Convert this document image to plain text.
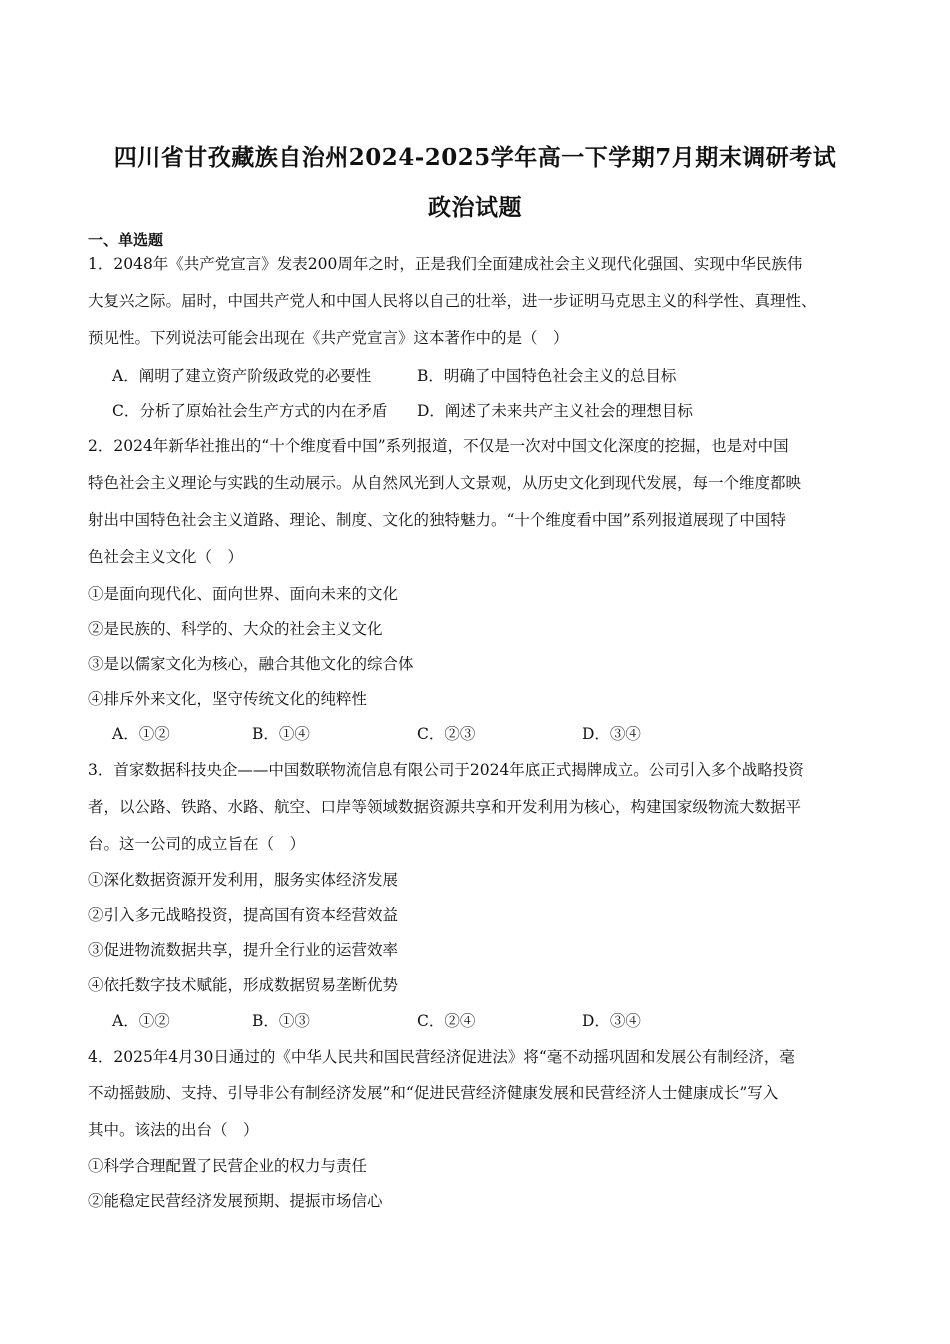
四川省甘孜藏族自治州2024-2025学年高一下学期7月期末调研考试
政治试题
一、单选题
1．2048年《共产党宣言》发表200周年之时，正是我们全面建成社会主义现代化强国、实现中华民族伟
大复兴之际。届时，中国共产党人和中国人民将以自己的壮举，进一步证明马克思主义的科学性、真理性、
预见性。下列说法可能会出现在《共产党宣言》这本著作中的是（　）
A．阐明了建立资产阶级政党的必要性	B．明确了中国特色社会主义的总目标
C．分析了原始社会生产方式的内在矛盾 D．阐述了未来共产主义社会的理想目标
2．2024年新华社推出的“十个维度看中国”系列报道，不仅是一次对中国文化深度的挖掘，也是对中国
特色社会主义理论与实践的生动展示。从自然风光到人文景观，从历史文化到现代发展，每一个维度都映
射出中国特色社会主义道路、理论、制度、文化的独特魅力。“十个维度看中国”系列报道展现了中国特
色社会主义文化（　）
①是面向现代化、面向世界、面向未来的文化
②是民族的、科学的、大众的社会主义文化
③是以儒家文化为核心，融合其他文化的综合体
④排斥外来文化，坚守传统文化的纯粹性
A．①②	B．①④	C．②③	D．③④
3．首家数据科技央企——中国数联物流信息有限公司于2024年底正式揭牌成立。公司引入多个战略投资
者，以公路、铁路、水路、航空、口岸等领域数据资源共享和开发利用为核心，构建国家级物流大数据平
台。这一公司的成立旨在（　）
①深化数据资源开发利用，服务实体经济发展
②引入多元战略投资，提高国有资本经营效益
③促进物流数据共享，提升全行业的运营效率
④依托数字技术赋能，形成数据贸易垄断优势
A．①②	B．①③	C．②④	D．③④
4．2025年4月30日通过的《中华人民共和国民营经济促进法》将“毫不动摇巩固和发展公有制经济，毫
不动摇鼓励、支持、引导非公有制经济发展”和“促进民营经济健康发展和民营经济人士健康成长”写入
其中。该法的出台（　）
①科学合理配置了民营企业的权力与责任
②能稳定民营经济发展预期、提振市场信心
